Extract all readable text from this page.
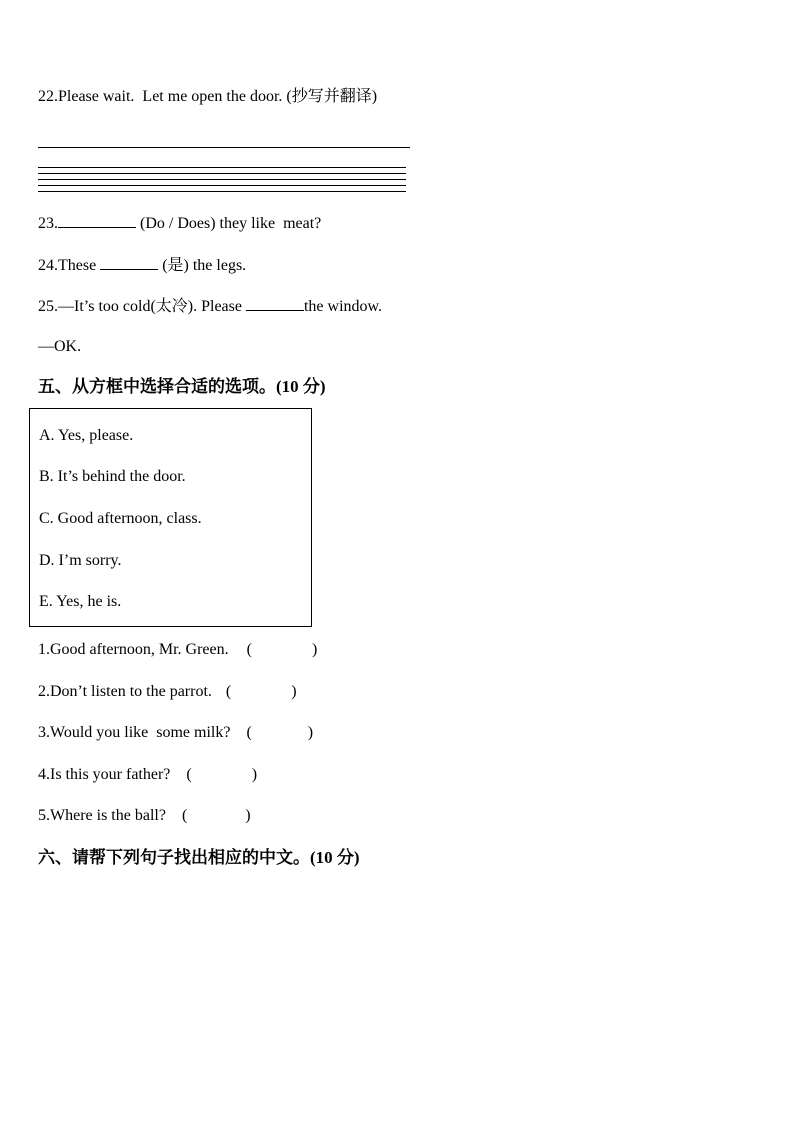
22.Please wait.  Let me open the door. (抄写并翻译)
23.	(Do / Does) they like  meat?
24.These	(是) the legs.
25.—It’s too cold(太冷). Please	the window.
—OK.
五、从方框中选择合适的选项。(10 分)
A. Yes, please.
B. It’s behind the door.
C. Good afternoon, class.
D. I’m sorry.
E. Yes, he is.
1.Good afternoon, Mr. Green. (	)
2.Don’t listen to the parrot. (	)
3.Would you like  some milk? (	)
4.Is this your father? (	)
5.Where is the ball? (	)
六、请帮下列句子找出相应的中文。(10 分)
